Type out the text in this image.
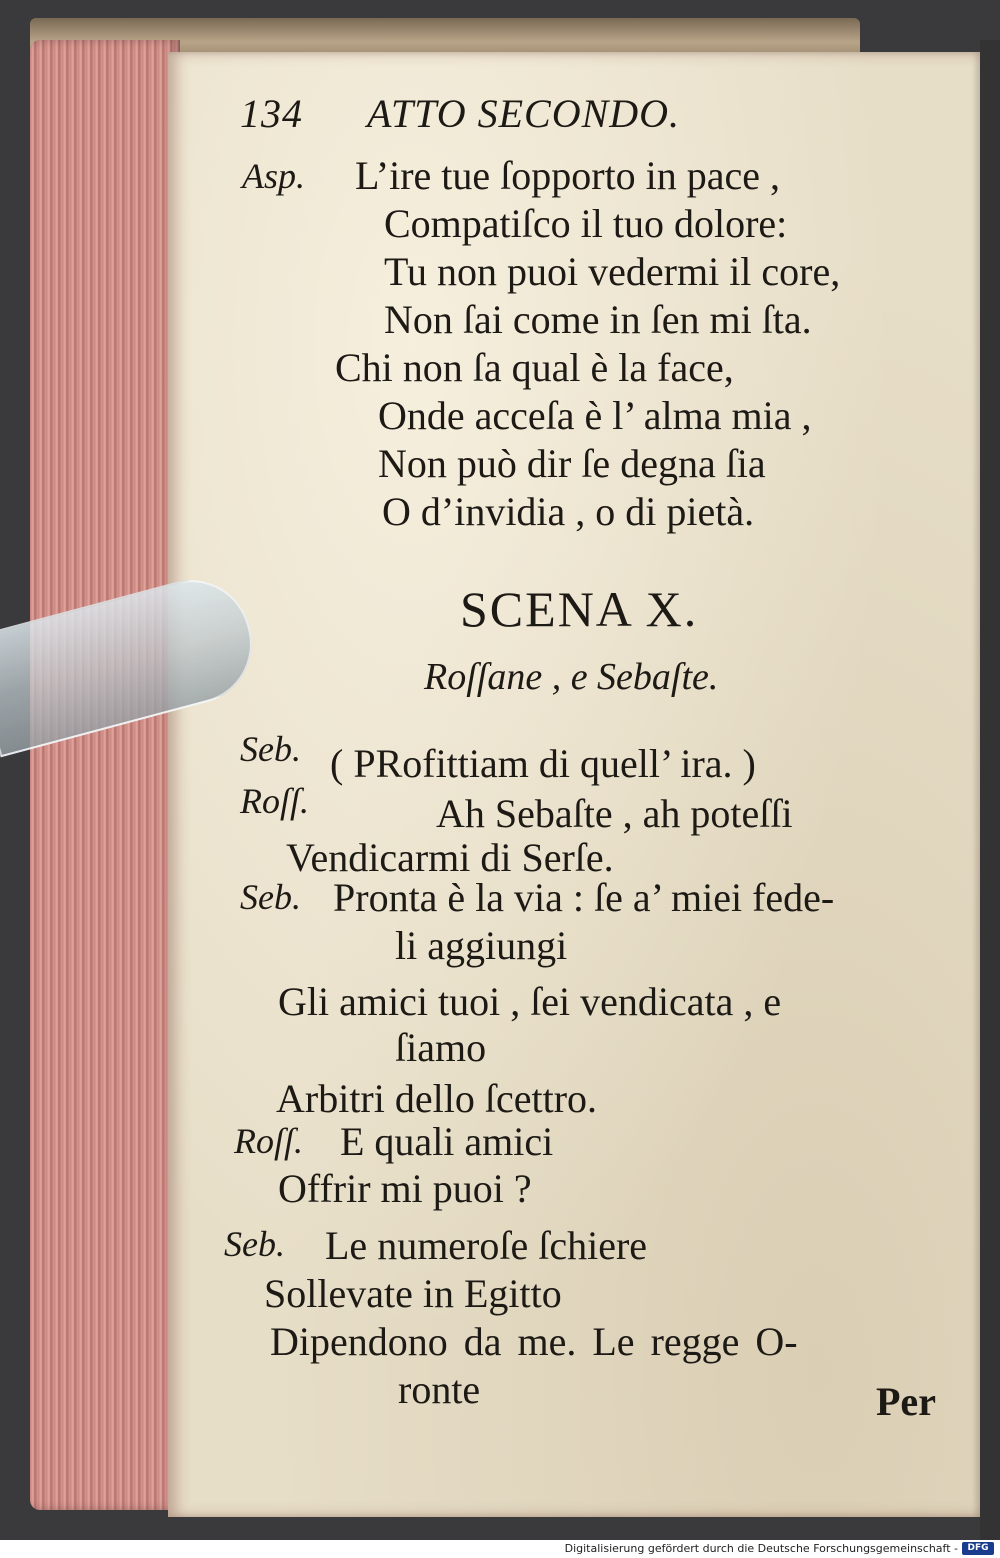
134 ATTO SECONDO.
Asp. L’ire tue ſopporto in pace ,
Compatiſco il tuo dolore:
Tu non puoi vedermi il core,
Non ſai come in ſen mi ſta.
Chi non ſa qual è la face,
Onde acceſa è l’ alma mia ,
Non può dir ſe degna ſia
O d’invidia , o di pietà.
SCENA X.
Roſſane , e Sebaſte.
Seb. ( PRofittiam di quell’ ira. )
Roſſ.	Ah Sebaſte , ah poteſſi
Vendicarmi di Serſe.
Seb. Pronta è la via : ſe a’ miei fede-
li aggiungi
Gli amici tuoi , ſei vendicata , e
ſiamo
Arbitri dello ſcettro.
Roſſ. E quali amici
Offrir mi puoi ?
Seb. Le numeroſe ſchiere
Sollevate in Egitto
Dipendono da me. Le regge O-
ronte	Per
Digitalisierung gefördert durch die Deutsche Forschungsgemeinschaft -	DFG
